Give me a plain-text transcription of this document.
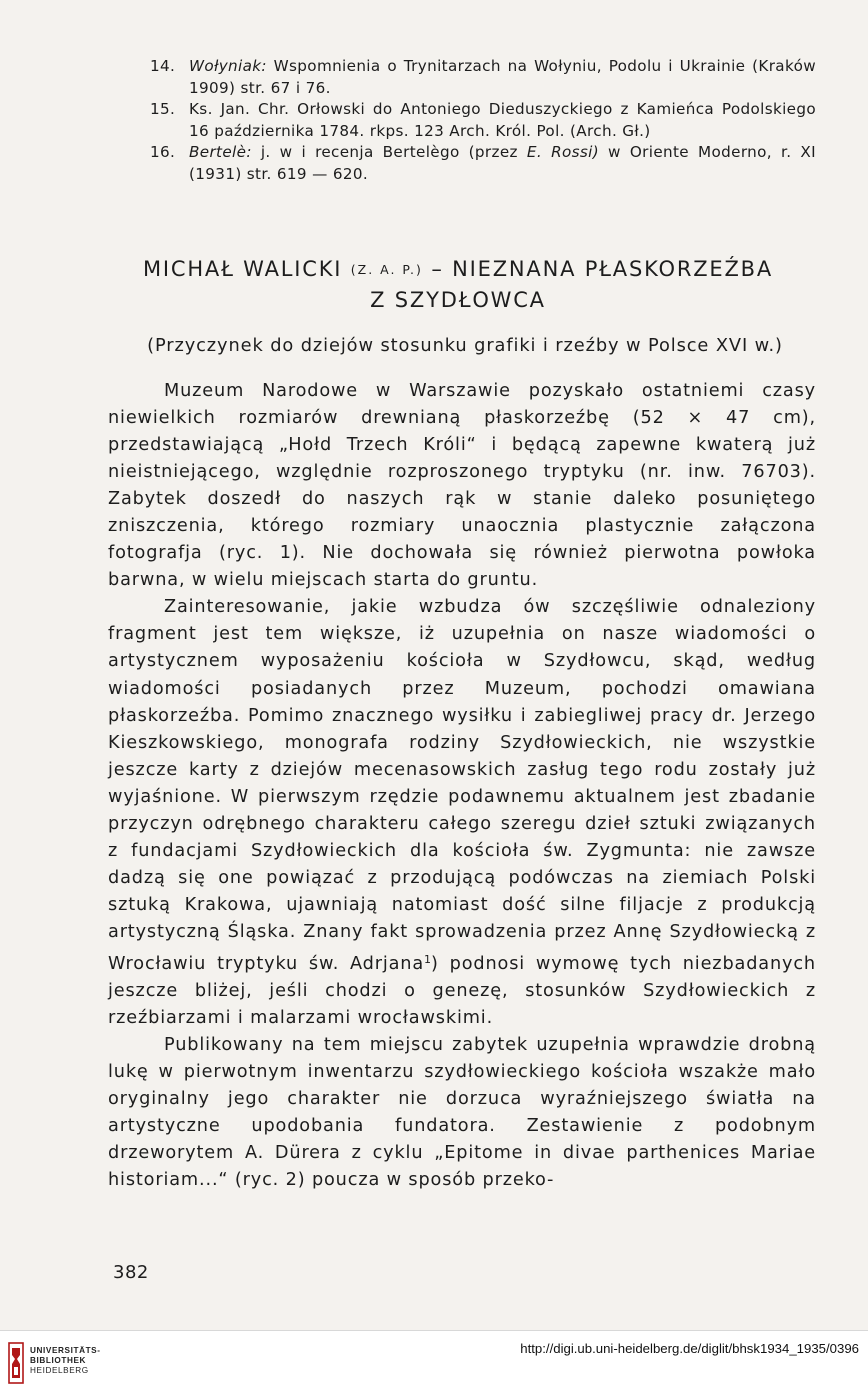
14. Wołyniak: Wspomnienia o Trynitarzach na Wołyniu, Podolu i Ukrainie (Kraków 1909) str. 67 i 76.
15. Ks. Jan. Chr. Orłowski do Antoniego Dieduszyckiego z Kamieńca Podolskiego 16 października 1784. rkps. 123 Arch. Król. Pol. (Arch. Gł.)
16. Bertelè: j. w i recenja Bertelègo (przez E. Rossi) w Oriente Moderno, r. XI (1931) str. 619 — 620.
MICHAŁ WALICKI (Z. A. P.) – NIEZNANA PŁASKORZEŹBA
Z SZYDŁOWCA
(Przyczynek do dziejów stosunku grafiki i rzeźby w Polsce XVI w.)

Muzeum Narodowe w Warszawie pozyskało ostatniemi czasy niewielkich rozmiarów drewnianą płaskorzeźbę (52 × 47 cm), przedstawiającą „Hołd Trzech Króli“ i będącą zapewne kwaterą już nieistniejącego, względnie rozproszonego tryptyku (nr. inw. 76703). Zabytek doszedł do naszych rąk w stanie daleko posuniętego zniszczenia, którego rozmiary unaocznia plastycznie załączona fotografja (ryc. 1). Nie dochowała się również pierwotna powłoka barwna, w wielu miejscach starta do gruntu.

Zainteresowanie, jakie wzbudza ów szczęśliwie odnaleziony fragment jest tem większe, iż uzupełnia on nasze wiadomości o artystycznem wyposażeniu kościoła w Szydłowcu, skąd, według wiadomości posiadanych przez Muzeum, pochodzi omawiana płaskorzeźba. Pomimo znacznego wysiłku i zabiegliwej pracy dr. Jerzego Kieszkowskiego, monografa rodziny Szydłowieckich, nie wszystkie jeszcze karty z dziejów mecenasowskich zasług tego rodu zostały już wyjaśnione. W pierwszym rzędzie podawnemu aktualnem jest zbadanie przyczyn odrębnego charakteru całego szeregu dzieł sztuki związanych z fundacjami Szydłowieckich dla kościoła św. Zygmunta: nie zawsze dadzą się one powiązać z przodującą podówczas na ziemiach Polski sztuką Krakowa, ujawniają natomiast dość silne filjacje z produkcją artystyczną Śląska. Znany fakt sprowadzenia przez Annę Szydłowiecką z Wrocławiu tryptyku św. Adrjana$^1$) podnosi wymowę tych niezbadanych jeszcze bliżej, jeśli chodzi o genezę, stosunków Szydłowieckich z rzeźbiarzami i malarzami wrocławskimi.

Publikowany na tem miejscu zabytek uzupełnia wprawdzie drobną lukę w pierwotnym inwentarzu szydłowieckiego kościoła wszakże mało oryginalny jego charakter nie dorzuca wyraźniejszego światła na artystyczne upodobania fundatora. Zestawienie z podobnym drzeworytem A. Dürera z cyklu „Epitome in divae parthenices Mariae historiam...“ (ryc. 2) poucza w sposób przeko-

382
UNIVERSITÄTS-
BIBLIOTHEK
HEIDELBERG
http://digi.ub.uni-heidelberg.de/diglit/bhsk1934_1935/0396
